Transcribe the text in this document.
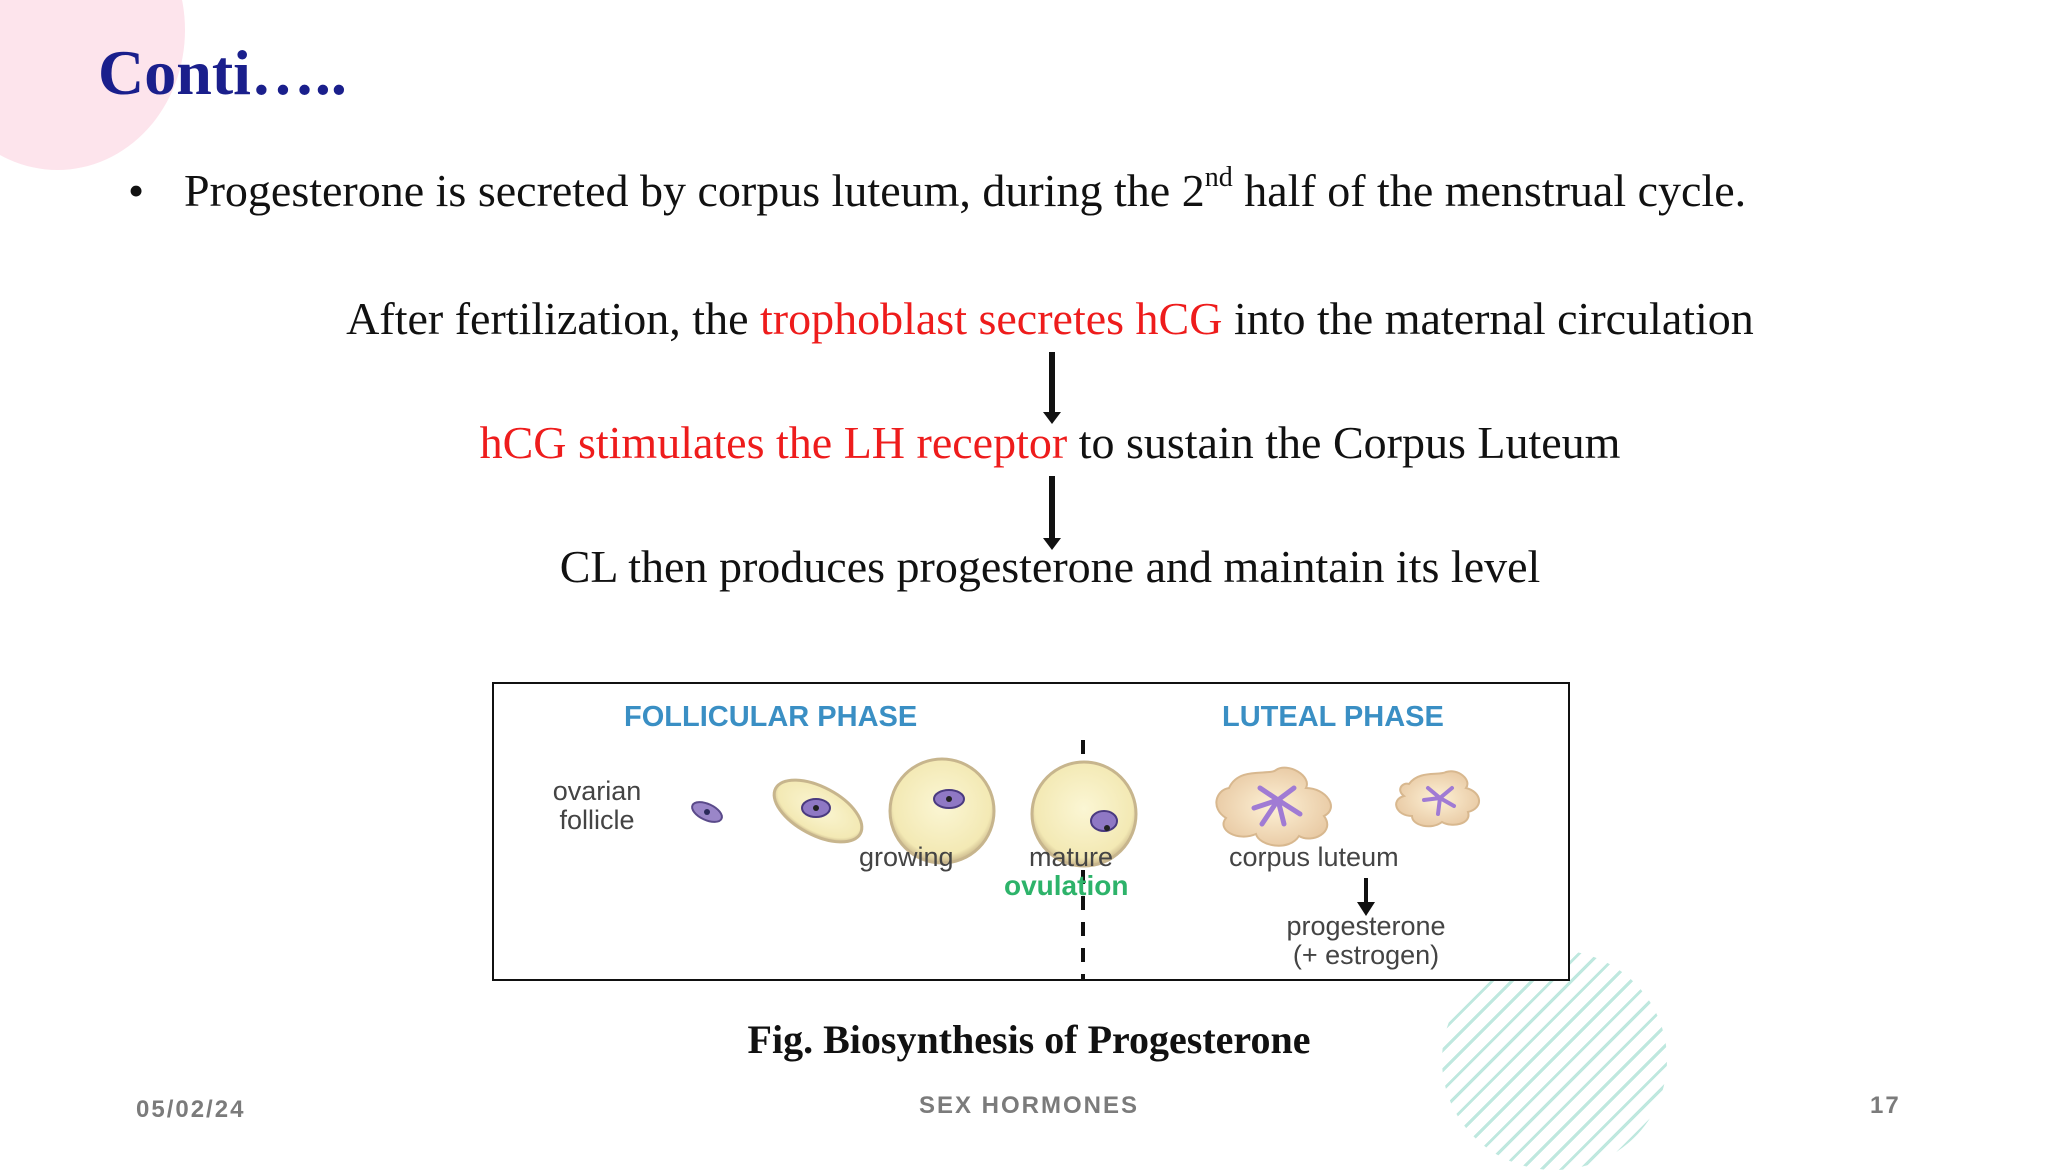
Conti…..
• Progesterone is secreted by corpus luteum, during the 2nd half of the menstrual cycle.
After fertilization, the trophoblast secretes hCG into the maternal circulation
hCG stimulates the LH receptor to sustain the Corpus Luteum
CL then produces progesterone and maintain its level
FOLLICULAR PHASE	LUTEAL PHASE
ovarian
follicle
growing	mature
ovulation
corpus luteum
progesterone
(+ estrogen)
Fig. Biosynthesis of Progesterone
05/02/24	SEX HORMONES	17
